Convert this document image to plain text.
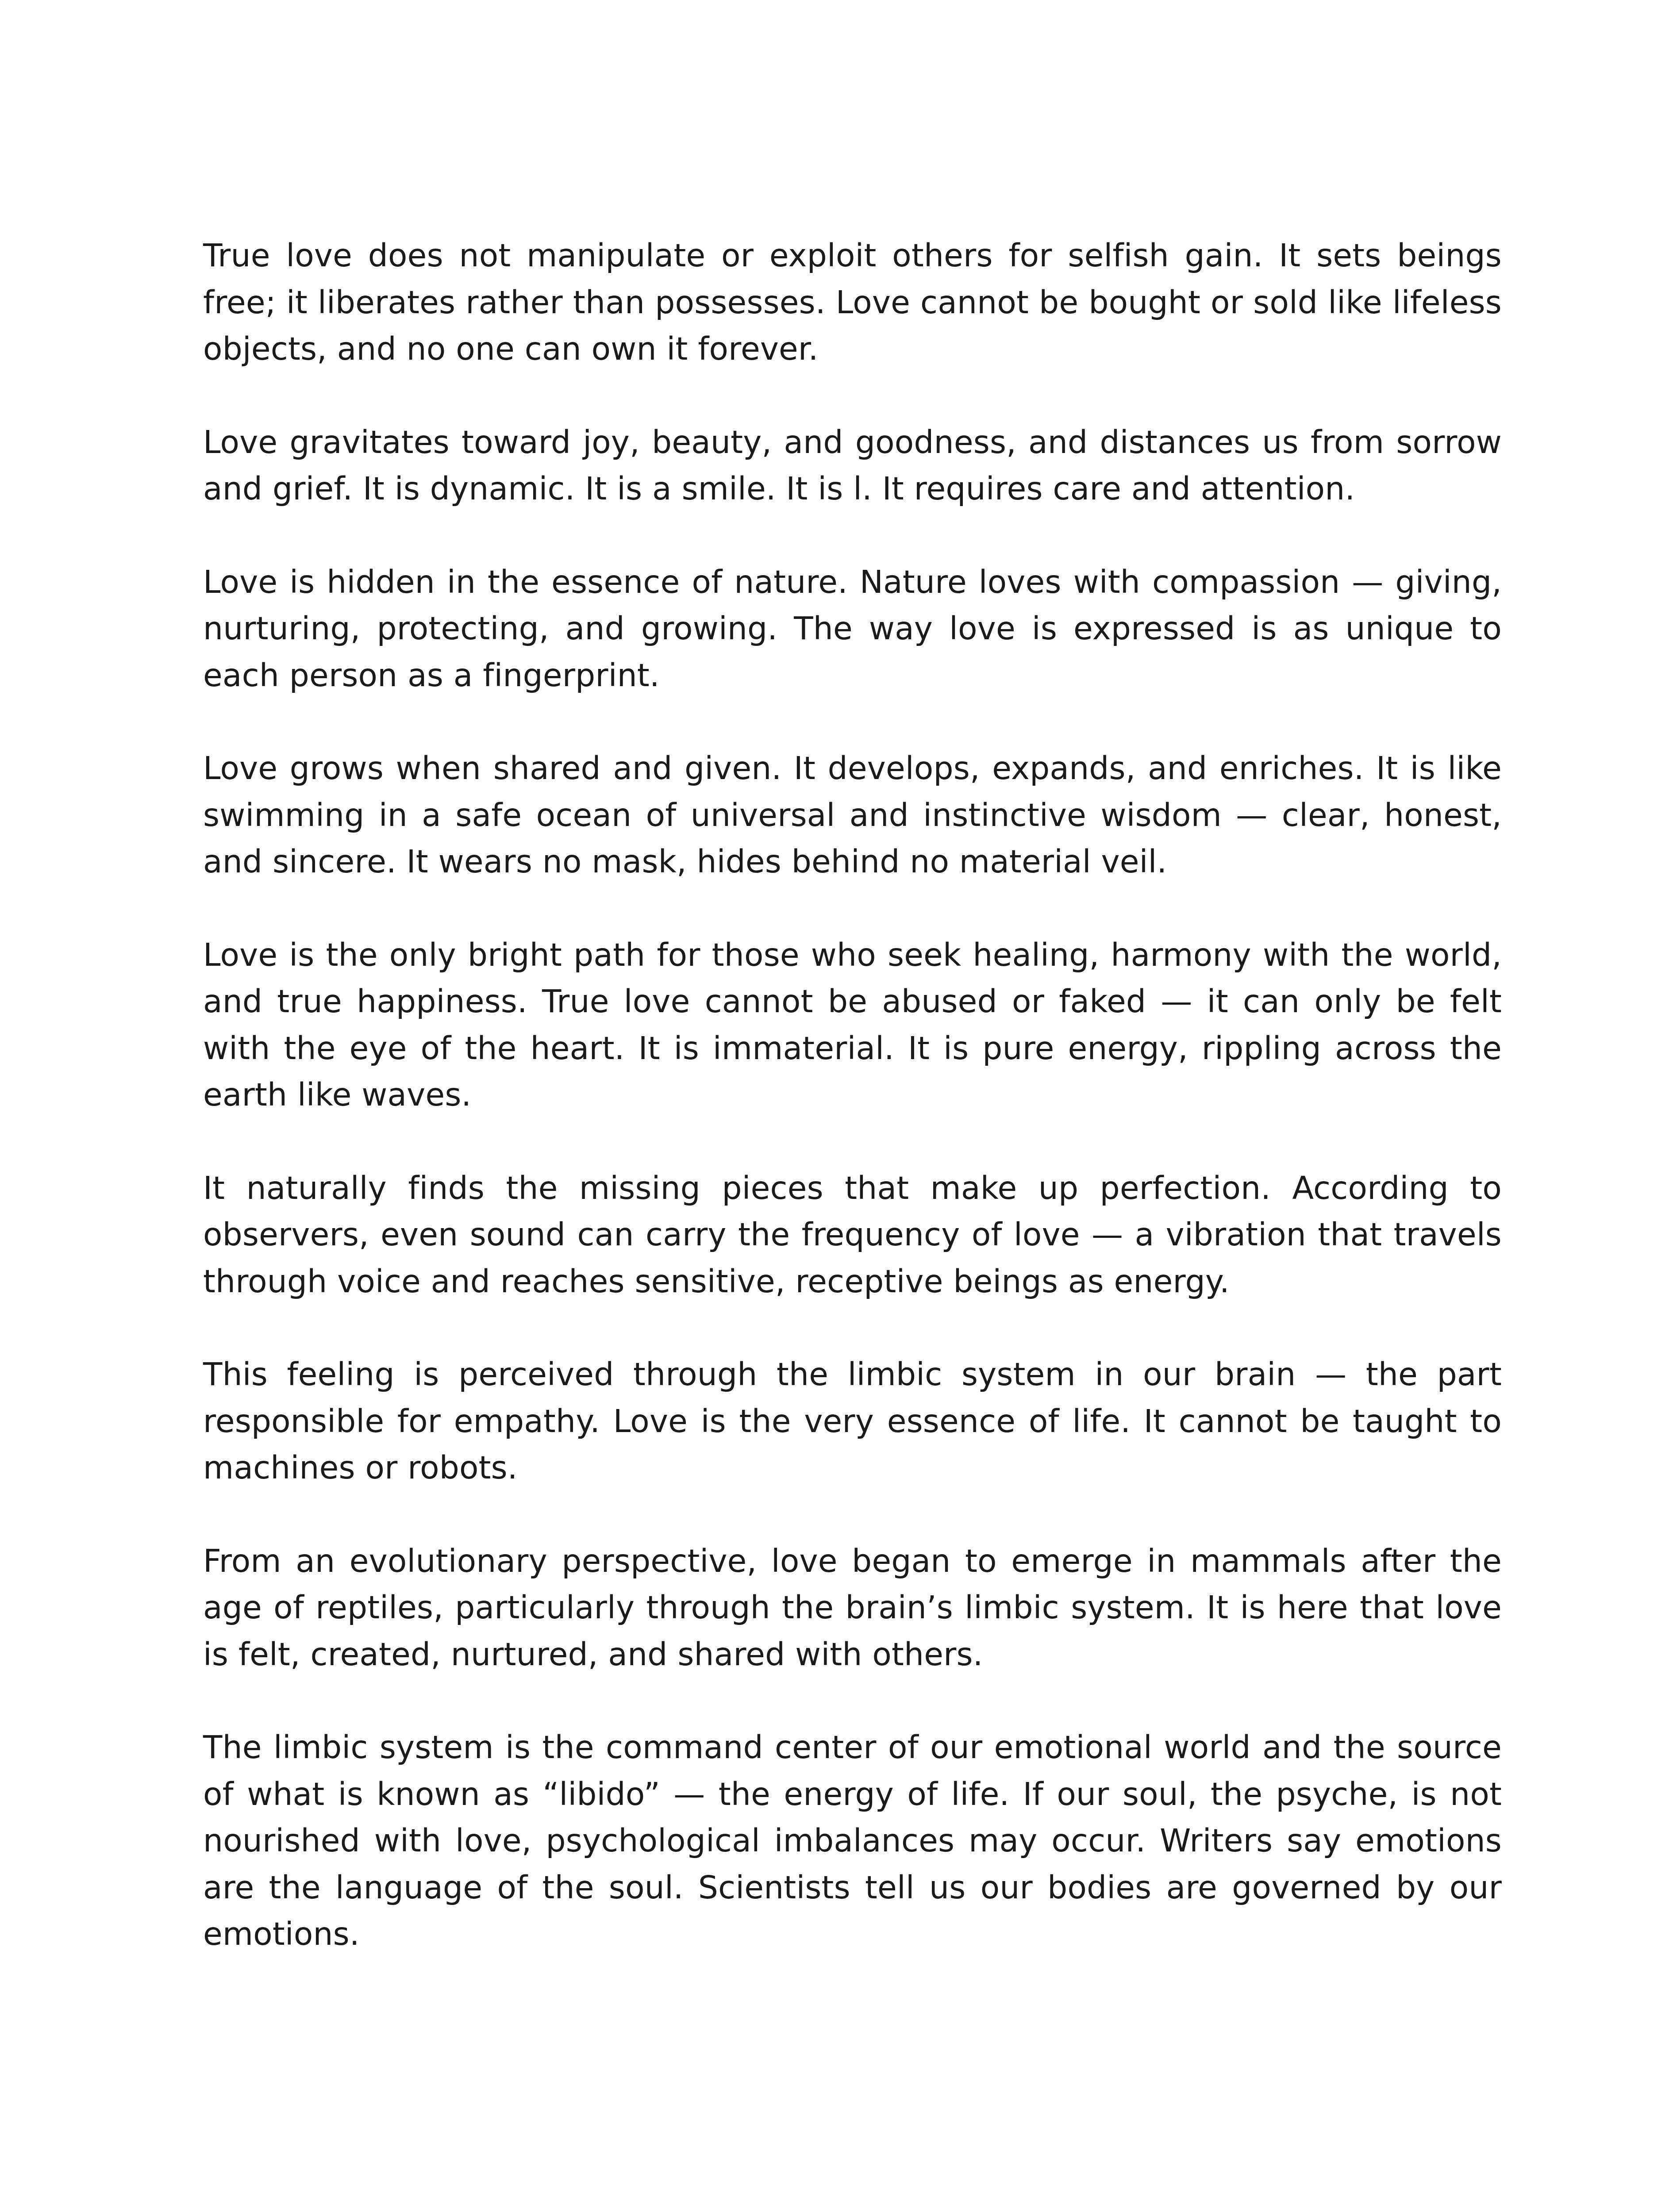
True love does not manipulate or exploit others for selfish gain. It sets beings free; it liberates rather than possesses. Love cannot be bought or sold like lifeless objects, and no one can own it forever.

Love gravitates toward joy, beauty, and goodness, and distances us from sorrow and grief. It is dynamic. It is a smile. It is l. It requires care and attention.

Love is hidden in the essence of nature. Nature loves with compassion — giving, nurturing, protecting, and growing. The way love is expressed is as unique to each person as a fingerprint.

Love grows when shared and given. It develops, expands, and enriches. It is like swimming in a safe ocean of universal and instinctive wisdom — clear, honest, and sincere. It wears no mask, hides behind no material veil.

Love is the only bright path for those who seek healing, harmony with the world, and true happiness. True love cannot be abused or faked — it can only be felt with the eye of the heart. It is immaterial. It is pure energy, rippling across the earth like waves.

It naturally finds the missing pieces that make up perfection. According to observers, even sound can carry the frequency of love — a vibration that travels through voice and reaches sensitive, receptive beings as energy.

This feeling is perceived through the limbic system in our brain — the part responsible for empathy. Love is the very essence of life. It cannot be taught to machines or robots.

From an evolutionary perspective, love began to emerge in mammals after the age of reptiles, particularly through the brain’s limbic system. It is here that love is felt, created, nurtured, and shared with others.

The limbic system is the command center of our emotional world and the source of what is known as “libido” — the energy of life. If our soul, the psyche, is not nourished with love, psychological imbalances may occur. Writers say emotions are the language of the soul. Scientists tell us our bodies are governed by our emotions.
